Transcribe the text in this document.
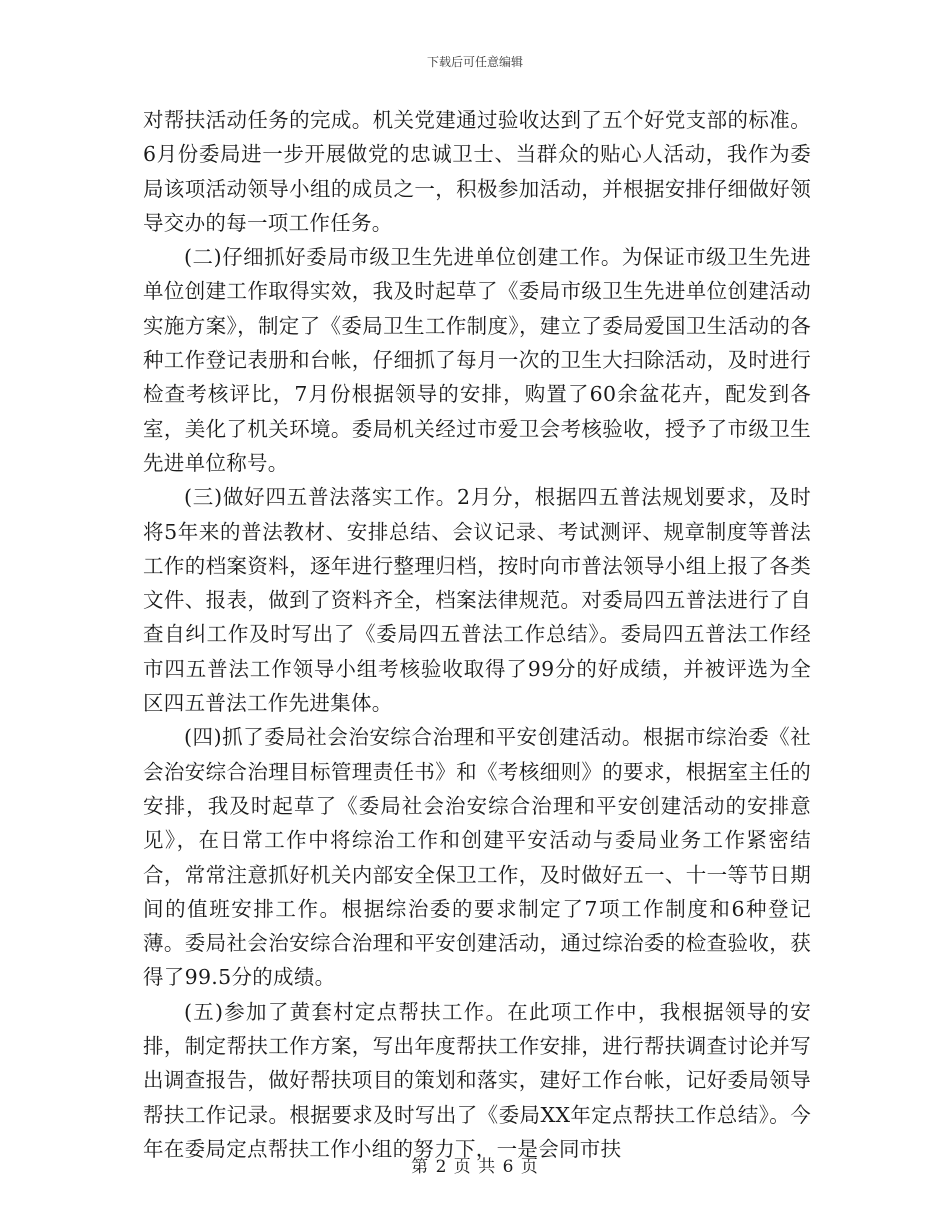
下载后可任意编辑

对帮扶活动任务的完成。机关党建通过验收达到了五个好党支部的标准。6月份委局进一步开展做党的忠诚卫士、当群众的贴心人活动，我作为委局该项活动领导小组的成员之一，积极参加活动，并根据安排仔细做好领导交办的每一项工作任务。

(二)仔细抓好委局市级卫生先进单位创建工作。为保证市级卫生先进单位创建工作取得实效，我及时起草了《委局市级卫生先进单位创建活动实施方案》，制定了《委局卫生工作制度》，建立了委局爱国卫生活动的各种工作登记表册和台帐，仔细抓了每月一次的卫生大扫除活动，及时进行检查考核评比，7月份根据领导的安排，购置了60余盆花卉，配发到各室，美化了机关环境。委局机关经过市爱卫会考核验收，授予了市级卫生先进单位称号。

(三)做好四五普法落实工作。2月分，根据四五普法规划要求，及时将5年来的普法教材、安排总结、会议记录、考试测评、规章制度等普法工作的档案资料，逐年进行整理归档，按时向市普法领导小组上报了各类文件、报表，做到了资料齐全，档案法律规范。对委局四五普法进行了自查自纠工作及时写出了《委局四五普法工作总结》。委局四五普法工作经市四五普法工作领导小组考核验收取得了99分的好成绩，并被评选为全区四五普法工作先进集体。

(四)抓了委局社会治安综合治理和平安创建活动。根据市综治委《社会治安综合治理目标管理责任书》和《考核细则》的要求，根据室主任的安排，我及时起草了《委局社会治安综合治理和平安创建活动的安排意见》，在日常工作中将综治工作和创建平安活动与委局业务工作紧密结合，常常注意抓好机关内部安全保卫工作，及时做好五一、十一等节日期间的值班安排工作。根据综治委的要求制定了7项工作制度和6种登记薄。委局社会治安综合治理和平安创建活动，通过综治委的检查验收，获得了99.5分的成绩。

(五)参加了黄套村定点帮扶工作。在此项工作中，我根据领导的安排，制定帮扶工作方案，写出年度帮扶工作安排，进行帮扶调查讨论并写出调查报告，做好帮扶项目的策划和落实，建好工作台帐，记好委局领导帮扶工作记录。根据要求及时写出了《委局XX年定点帮扶工作总结》。今年在委局定点帮扶工作小组的努力下，一是会同市扶

第 2 页 共 6 页
